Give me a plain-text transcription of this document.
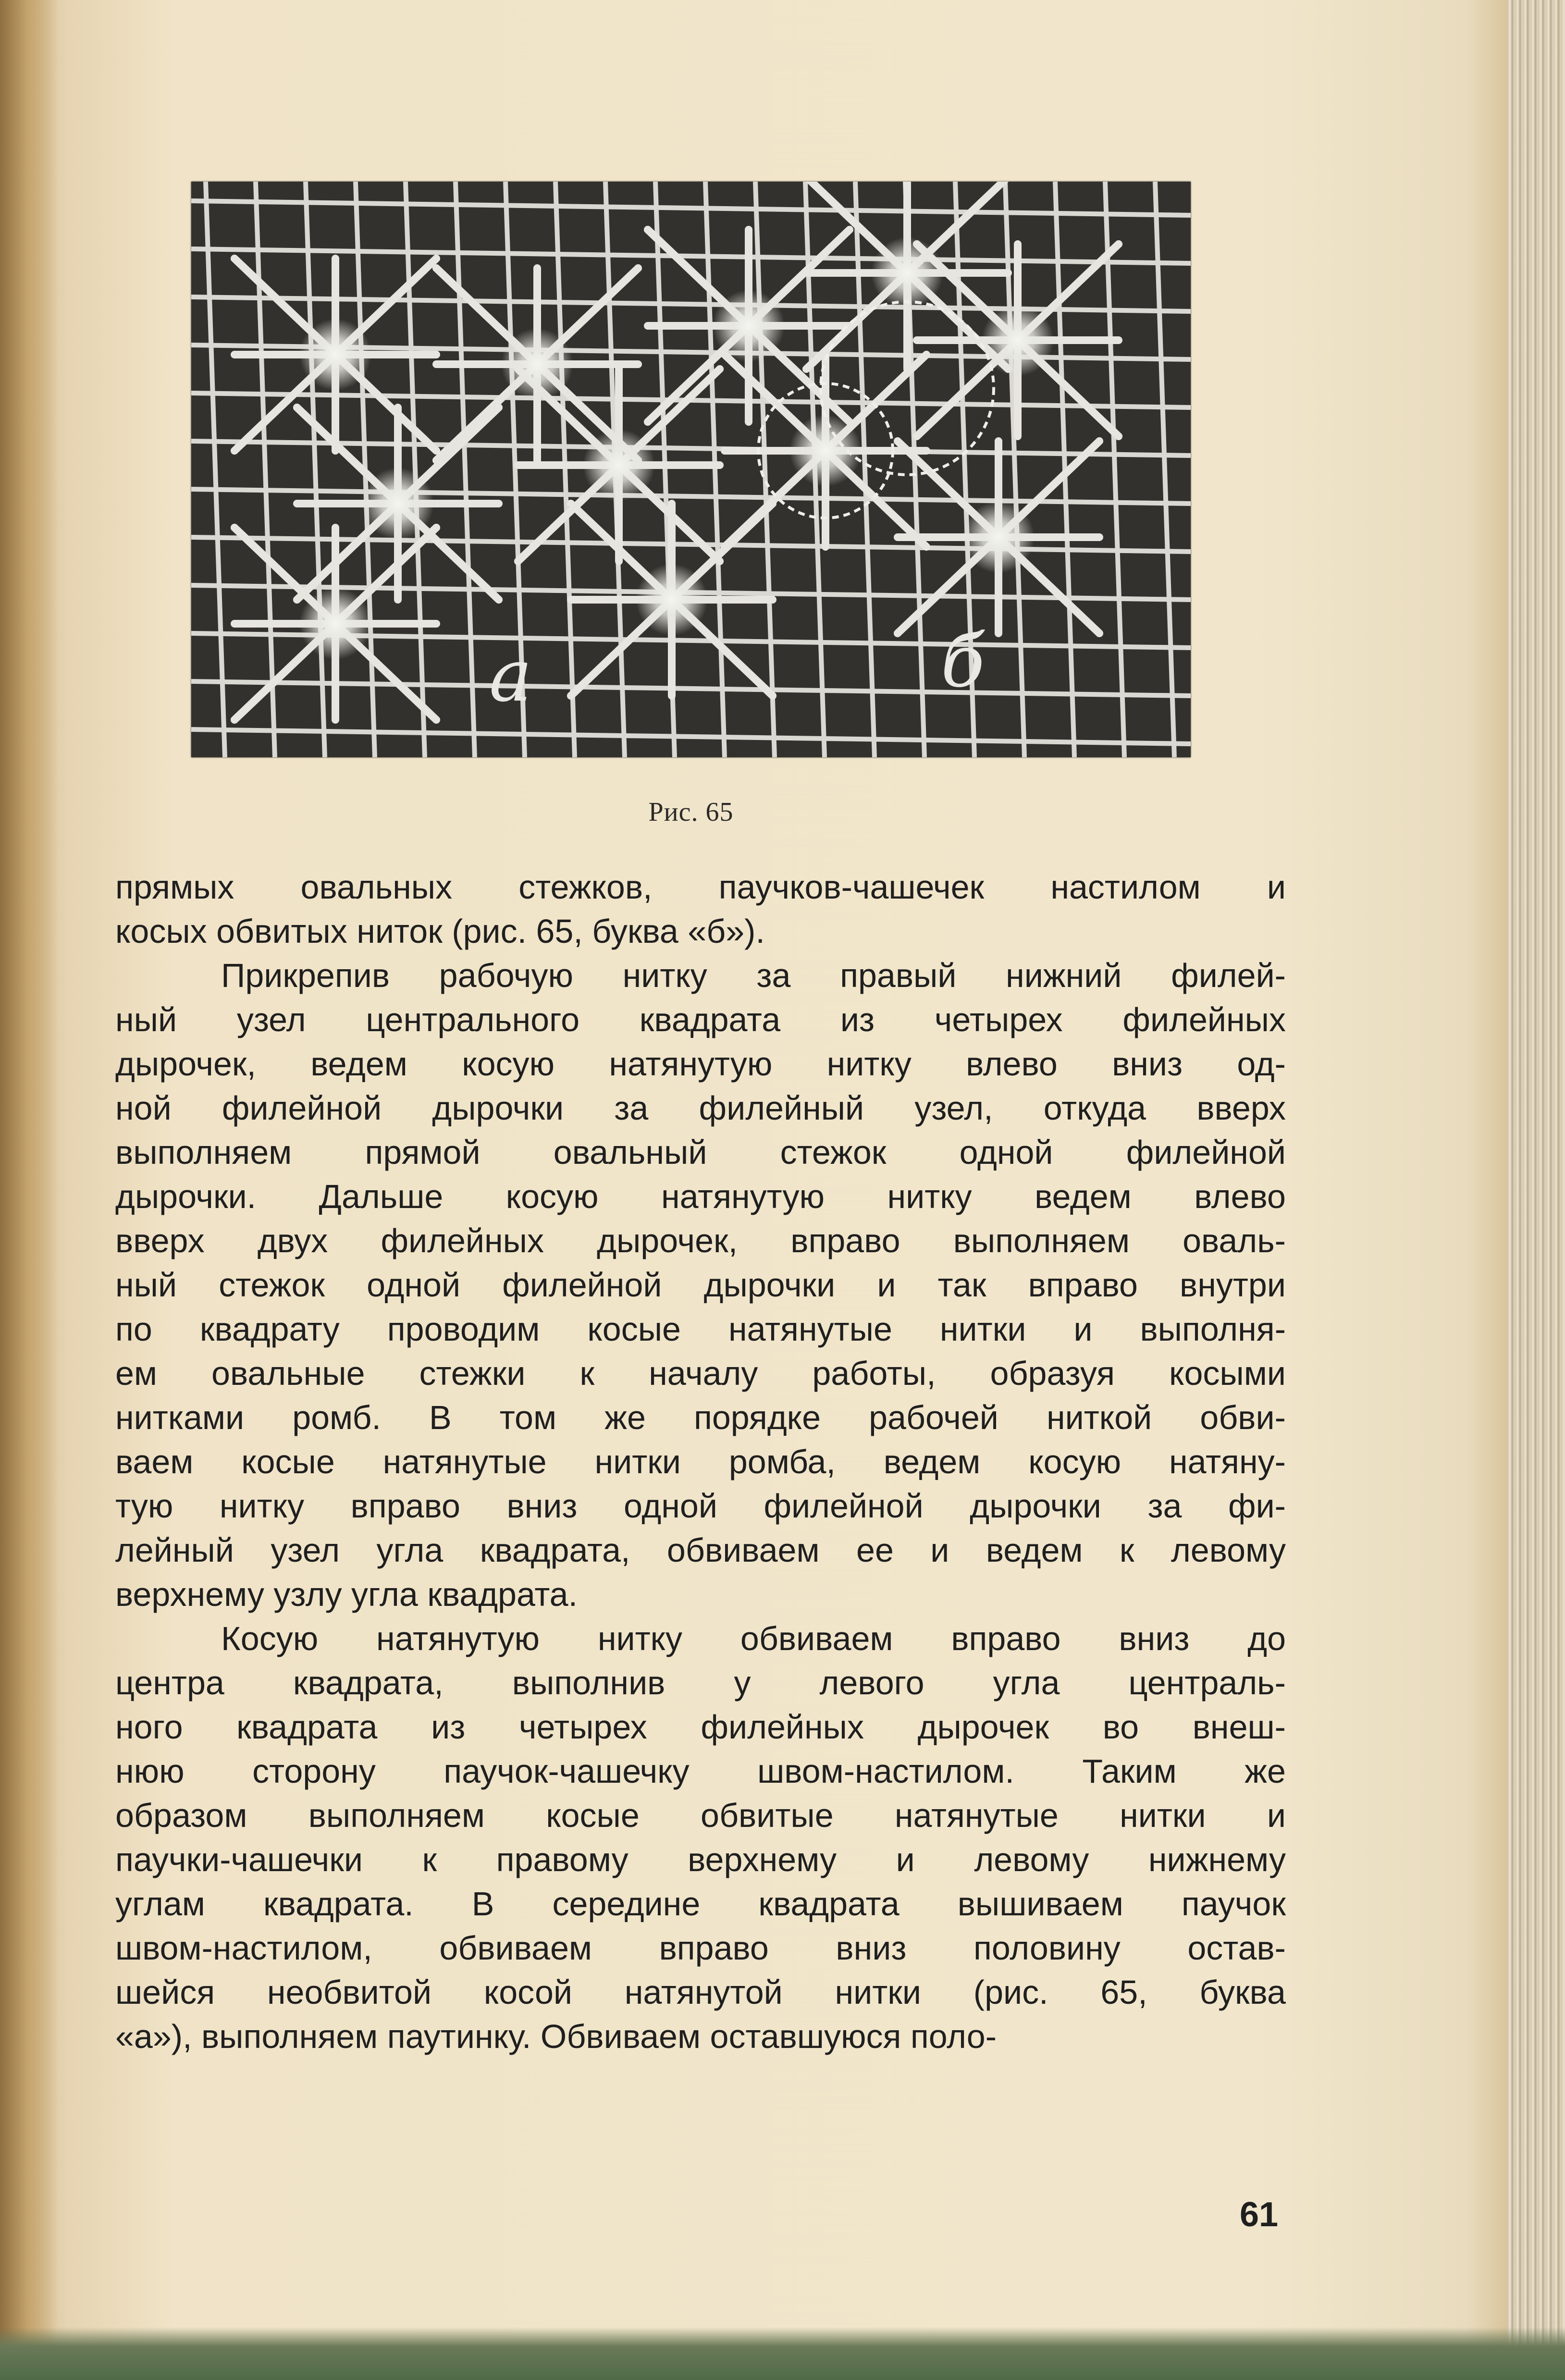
а	б
Рис. 65
прямых овальных стежков, паучков-чашечек настилом и
косых обвитых ниток (рис. 65, буква «б»).
Прикрепив рабочую нитку за правый нижний филей-
ный узел центрального квадрата из четырех филейных
дырочек, ведем косую натянутую нитку влево вниз од-
ной филейной дырочки за филейный узел, откуда вверх
выполняем прямой овальный стежок одной филейной
дырочки. Дальше косую натянутую нитку ведем влево
вверх двух филейных дырочек, вправо выполняем оваль-
ный стежок одной филейной дырочки и так вправо внутри
по квадрату проводим косые натянутые нитки и выполня-
ем овальные стежки к началу работы, образуя косыми
нитками ромб. В том же порядке рабочей ниткой обви-
ваем косые натянутые нитки ромба, ведем косую натяну-
тую нитку вправо вниз одной филейной дырочки за фи-
лейный узел угла квадрата, обвиваем ее и ведем к левому
верхнему узлу угла квадрата.
Косую натянутую нитку обвиваем вправо вниз до
центра квадрата, выполнив у левого угла централь-
ного квадрата из четырех филейных дырочек во внеш-
нюю сторону паучок-чашечку швом-настилом. Таким же
образом выполняем косые обвитые натянутые нитки и
паучки-чашечки к правому верхнему и левому нижнему
углам квадрата. В середине квадрата вышиваем паучок
швом-настилом, обвиваем вправо вниз половину остав-
шейся необвитой косой натянутой нитки (рис. 65, буква
«а»), выполняем паутинку. Обвиваем оставшуюся поло-
61
